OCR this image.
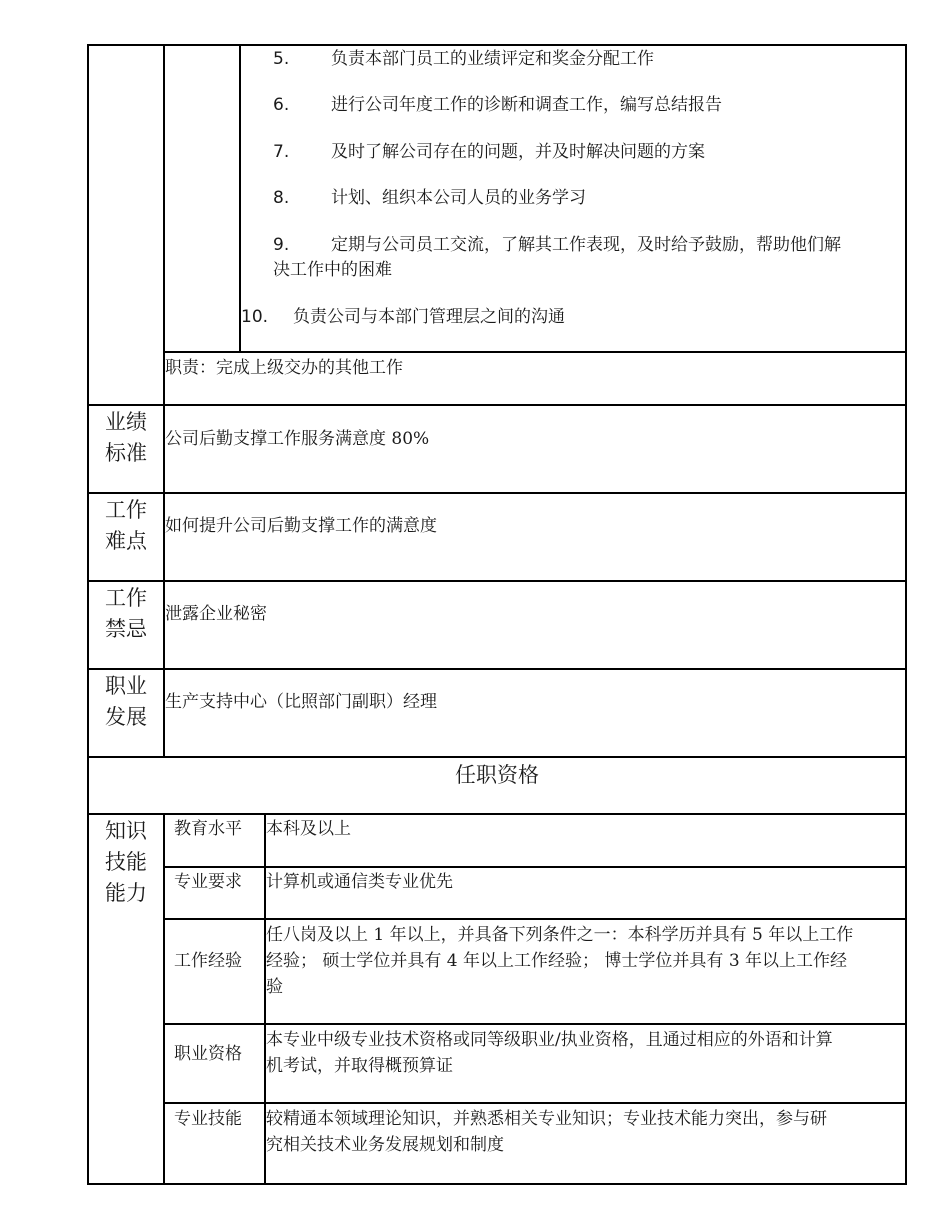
5. 负责本部门员工的业绩评定和奖金分配工作
6. 进行公司年度工作的诊断和调查工作，编写总结报告
7. 及时了解公司存在的问题，并及时解决问题的方案
8. 计划、组织本公司人员的业务学习
9. 定期与公司员工交流，了解其工作表现，及时给予鼓励，帮助他们解
决工作中的困难
10. 负责公司与本部门管理层之间的沟通
职责：完成上级交办的其他工作
业绩
标准
公司后勤支撑工作服务满意度 80%
工作
难点
如何提升公司后勤支撑工作的满意度
工作
禁忌
泄露企业秘密
职业
发展
生产支持中心（比照部门副职）经理
任职资格
知识
技能
能力
教育水平 本科及以上
专业要求 计算机或通信类专业优先
工作经验
任八岗及以上 1 年以上，并具备下列条件之一：本科学历并具有 5 年以上工作
经验； 硕士学位并具有 4 年以上工作经验； 博士学位并具有 3 年以上工作经
验
职业资格
本专业中级专业技术资格或同等级职业/执业资格，且通过相应的外语和计算
机考试，并取得概预算证
专业技能 较精通本领域理论知识，并熟悉相关专业知识；专业技术能力突出，参与研
究相关技术业务发展规划和制度
